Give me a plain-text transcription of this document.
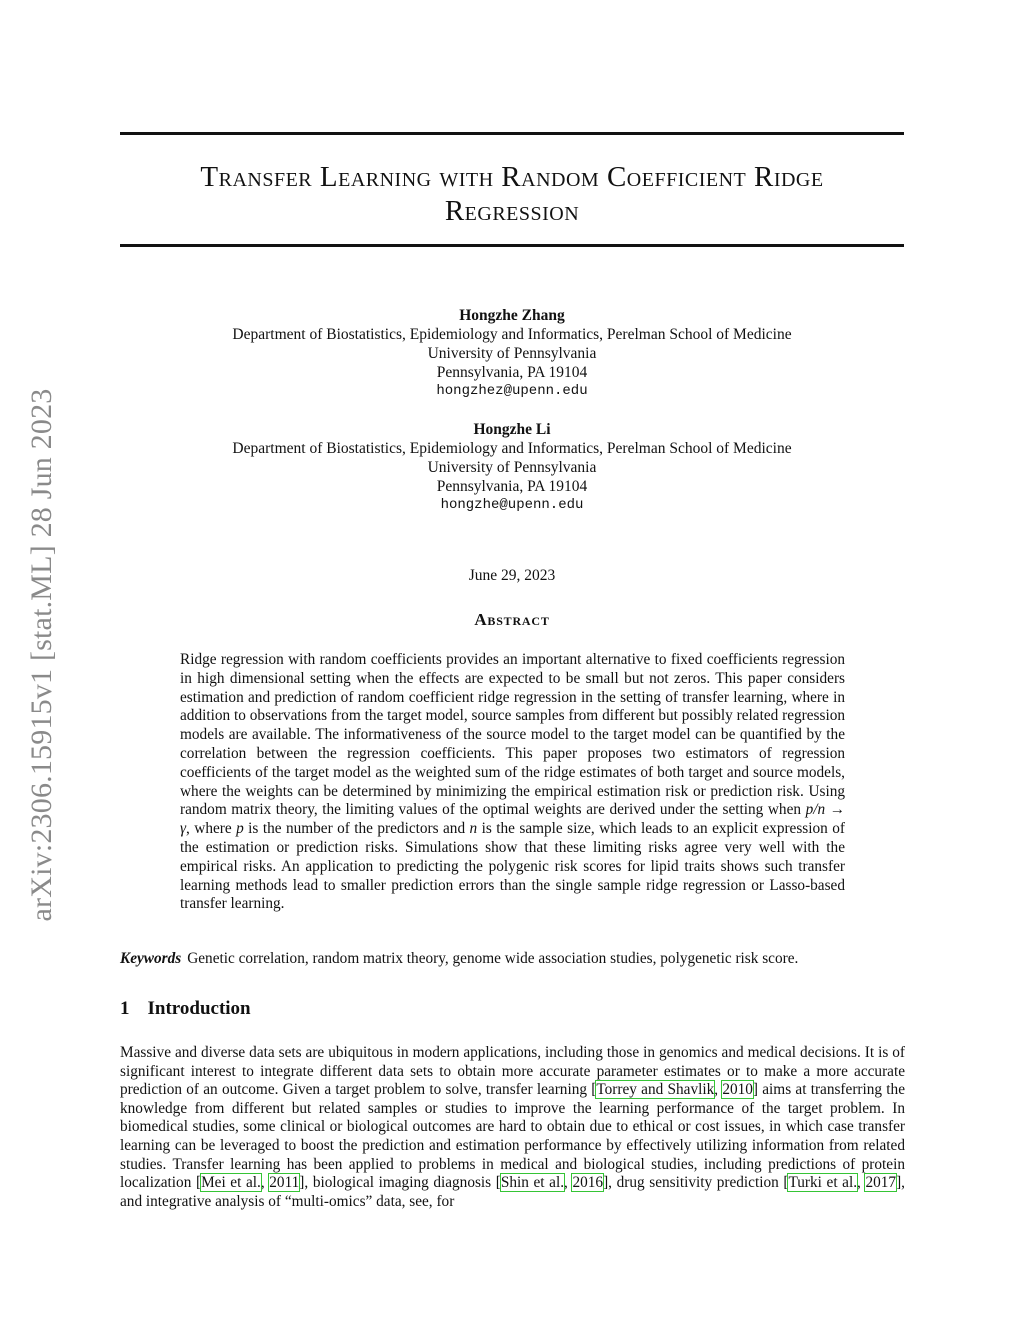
arXiv:2306.15915v1 [stat.ML] 28 Jun 2023
Transfer Learning with Random Coefficient Ridge
Regression
Hongzhe Zhang
Department of Biostatistics, Epidemiology and Informatics, Perelman School of Medicine
University of Pennsylvania
Pennsylvania, PA 19104
hongzhez@upenn.edu
Hongzhe Li
Department of Biostatistics, Epidemiology and Informatics, Perelman School of Medicine
University of Pennsylvania
Pennsylvania, PA 19104
hongzhe@upenn.edu
June 29, 2023
Abstract
Ridge regression with random coefficients provides an important alternative to fixed coefficients regression in high dimensional setting when the effects are expected to be small but not zeros. This paper considers estimation and prediction of random coefficient ridge regression in the setting of transfer learning, where in addition to observations from the target model, source samples from different but possibly related regression models are available. The informativeness of the source model to the target model can be quantified by the correlation between the regression coefficients. This paper proposes two estimators of regression coefficients of the target model as the weighted sum of the ridge estimates of both target and source models, where the weights can be determined by minimizing the empirical estimation risk or prediction risk. Using random matrix theory, the limiting values of the optimal weights are derived under the setting when p/n → γ, where p is the number of the predictors and n is the sample size, which leads to an explicit expression of the estimation or prediction risks. Simulations show that these limiting risks agree very well with the empirical risks. An application to predicting the polygenic risk scores for lipid traits shows such transfer learning methods lead to smaller prediction errors than the single sample ridge regression or Lasso-based transfer learning.
Keywords Genetic correlation, random matrix theory, genome wide association studies, polygenetic risk score.
1 Introduction
Massive and diverse data sets are ubiquitous in modern applications, including those in genomics and medical decisions. It is of significant interest to integrate different data sets to obtain more accurate parameter estimates or to make a more accurate prediction of an outcome. Given a target problem to solve, transfer learning [Torrey and Shavlik, 2010] aims at transferring the knowledge from different but related samples or studies to improve the learning performance of the target problem. In biomedical studies, some clinical or biological outcomes are hard to obtain due to ethical or cost issues, in which case transfer learning can be leveraged to boost the prediction and estimation performance by effectively utilizing information from related studies. Transfer learning has been applied to problems in medical and biological studies, including predictions of protein localization [Mei et al., 2011], biological imaging diagnosis [Shin et al., 2016], drug sensitivity prediction [Turki et al., 2017], and integrative analysis of “multi-omics” data, see, for
